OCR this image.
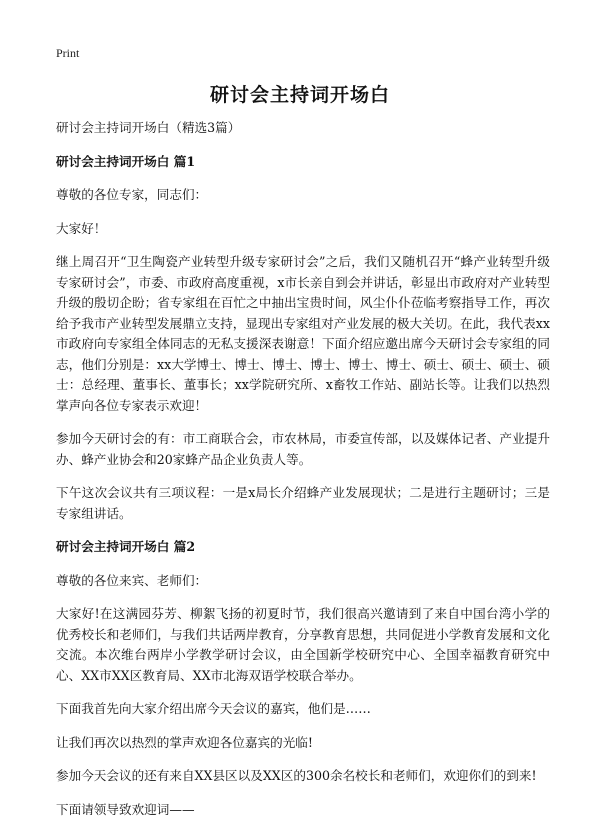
Print
研讨会主持词开场白

研讨会主持词开场白（精选3篇）

研讨会主持词开场白 篇1

尊敬的各位专家，同志们：

大家好！

继上周召开“卫生陶瓷产业转型升级专家研讨会”之后，我们又随机召开“蜂产业转型升级专家研讨会”，市委、市政府高度重视，x市长亲自到会并讲话，彰显出市政府对产业转型升级的殷切企盼；省专家组在百忙之中抽出宝贵时间，风尘仆仆莅临考察指导工作，再次给予我市产业转型发展鼎立支持，显现出专家组对产业发展的极大关切。在此，我代表xx市政府向专家组全体同志的无私支援深表谢意！下面介绍应邀出席今天研讨会专家组的同志，他们分别是：xx大学博士、博士、博士、博士、博士、博士、硕士、硕士、硕士、硕士：总经理、董事长、董事长；xx学院研究所、x畜牧工作站、副站长等。让我们以热烈掌声向各位专家表示欢迎！

参加今天研讨会的有：市工商联合会，市农林局，市委宣传部，以及媒体记者、产业提升办、蜂产业协会和20家蜂产品企业负责人等。

下午这次会议共有三项议程：一是x局长介绍蜂产业发展现状；二是进行主题研讨；三是专家组讲话。

研讨会主持词开场白 篇2

尊敬的各位来宾、老师们：

大家好!在这满园芬芳、柳絮飞扬的初夏时节，我们很高兴邀请到了来自中国台湾小学的优秀校长和老师们，与我们共话两岸教育，分享教育思想，共同促进小学教育发展和文化交流。本次维台两岸小学教学研讨会议，由全国新学校研究中心、全国幸福教育研究中心、XX市XX区教育局、XX市北海双语学校联合举办。

下面我首先向大家介绍出席今天会议的嘉宾，他们是……

让我们再次以热烈的掌声欢迎各位嘉宾的光临!

参加今天会议的还有来自XX县区以及XX区的300余名校长和老师们，欢迎你们的到来!

下面请领导致欢迎词——
